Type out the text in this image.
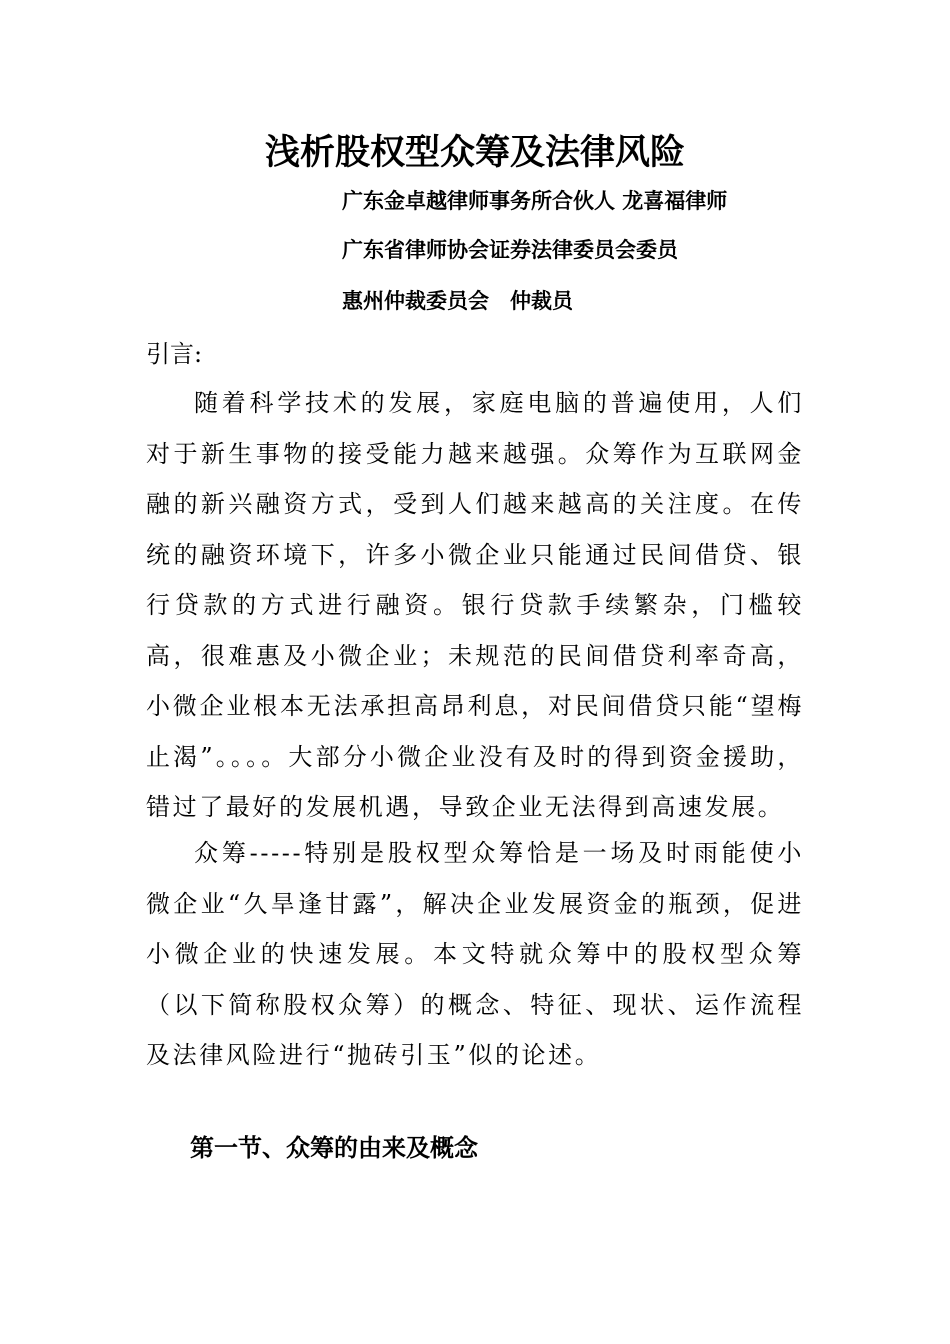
浅析股权型众筹及法律风险
广东金卓越律师事务所合伙人 龙喜福律师
广东省律师协会证券法律委员会委员
惠州仲裁委员会　仲裁员
引言:

随着科学技术的发展，家庭电脑的普遍使用，人们对于新生事物的接受能力越来越强。众筹作为互联网金融的新兴融资方式，受到人们越来越高的关注度。在传统的融资环境下，许多小微企业只能通过民间借贷、银行贷款的方式进行融资。银行贷款手续繁杂，门槛较高，很难惠及小微企业；未规范的民间借贷利率奇高，小微企业根本无法承担高昂利息，对民间借贷只能“望梅止渴”。。。。大部分小微企业没有及时的得到资金援助，错过了最好的发展机遇，导致企业无法得到高速发展。

众筹-----特别是股权型众筹恰是一场及时雨能使小微企业“久旱逢甘露”，解决企业发展资金的瓶颈，促进小微企业的快速发展。本文特就众筹中的股权型众筹（以下简称股权众筹）的概念、特征、现状、运作流程及法律风险进行“抛砖引玉”似的论述。

第一节、众筹的由来及概念
